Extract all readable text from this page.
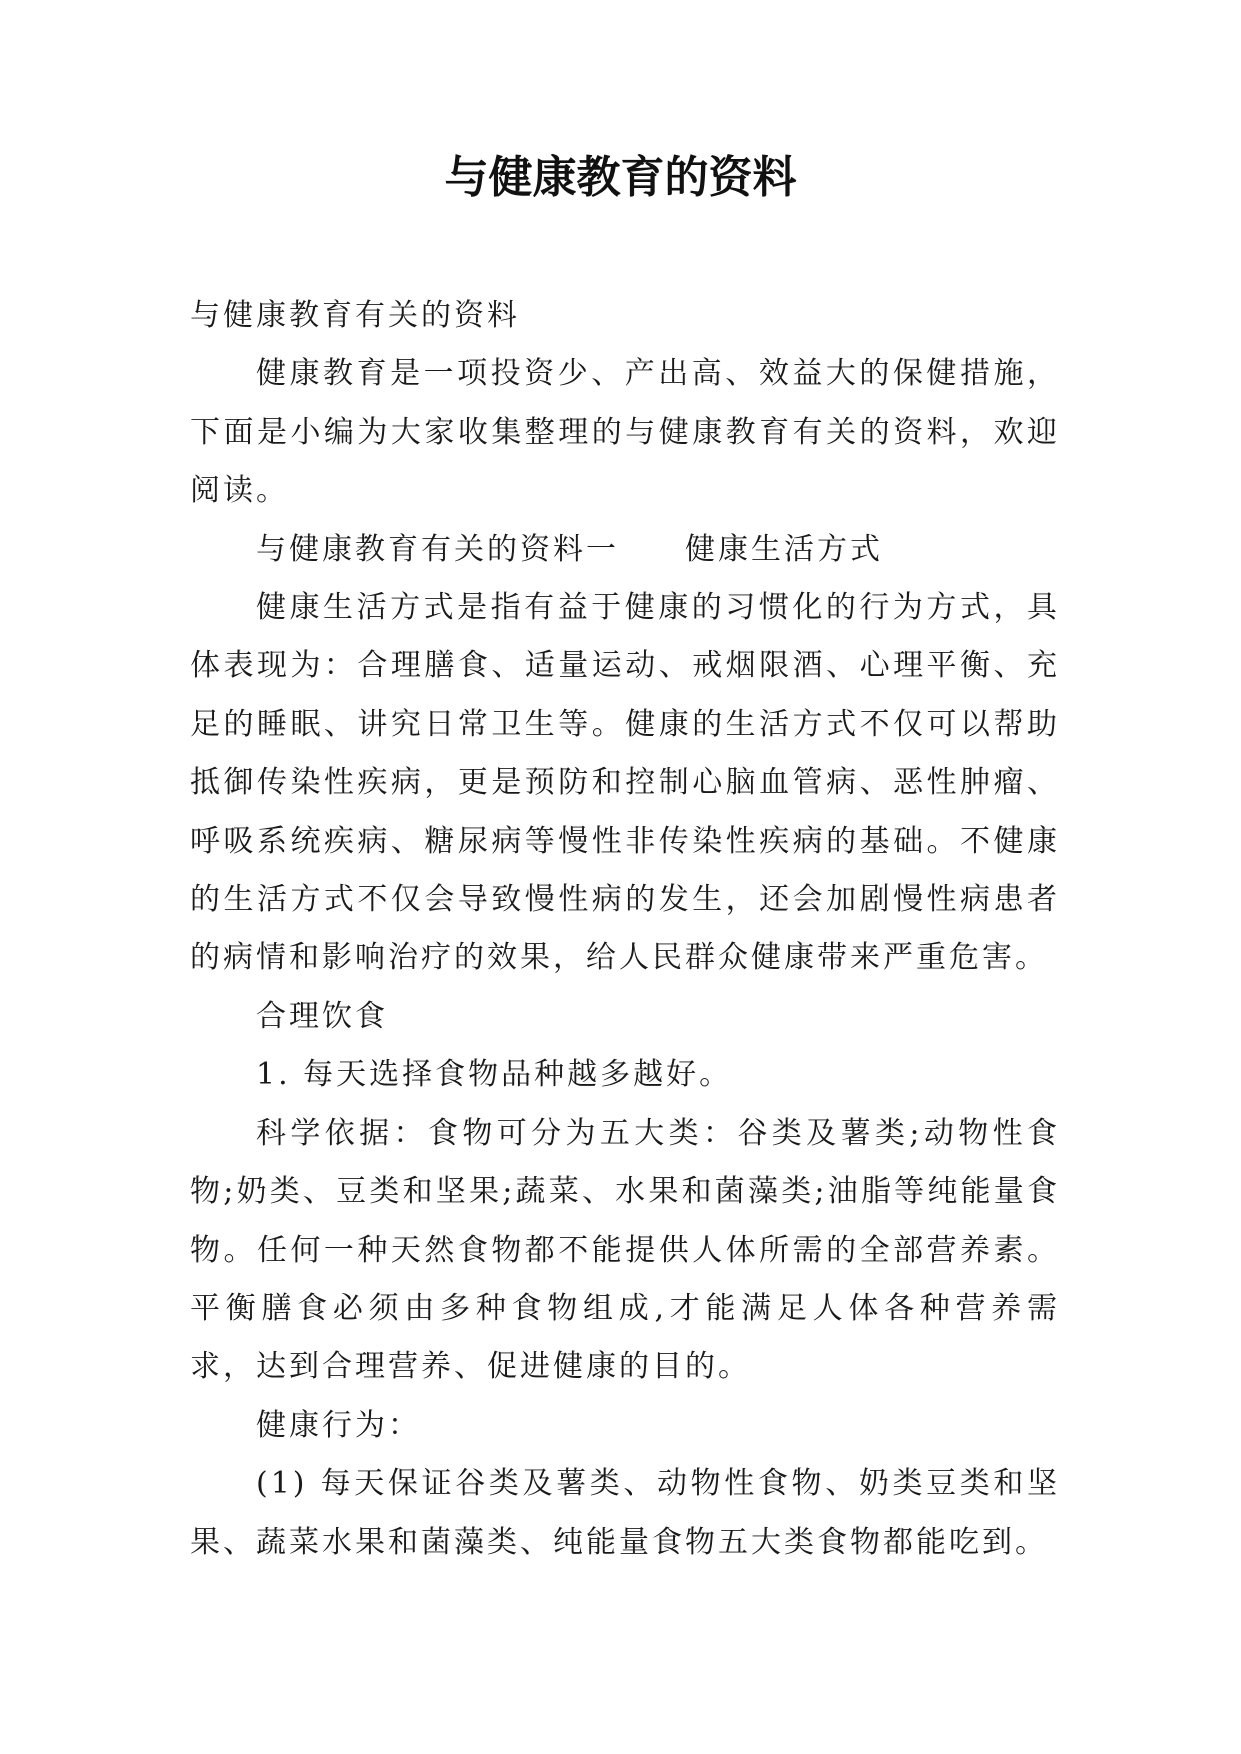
与健康教育的资料

与健康教育有关的资料

健康教育是一项投资少、产出高、效益大的保健措施，下面是小编为大家收集整理的与健康教育有关的资料，欢迎阅读。

与健康教育有关的资料一 健康生活方式

健康生活方式是指有益于健康的习惯化的行为方式，具体表现为：合理膳食、适量运动、戒烟限酒、心理平衡、充足的睡眠、讲究日常卫生等。健康的生活方式不仅可以帮助抵御传染性疾病，更是预防和控制心脑血管病、恶性肿瘤、呼吸系统疾病、糖尿病等慢性非传染性疾病的基础。不健康的生活方式不仅会导致慢性病的发生，还会加剧慢性病患者的病情和影响治疗的效果，给人民群众健康带来严重危害。

合理饮食

1. 每天选择食物品种越多越好。

科学依据：食物可分为五大类：谷类及薯类;动物性食物;奶类、豆类和坚果;蔬菜、水果和菌藻类;油脂等纯能量食物。任何一种天然食物都不能提供人体所需的全部营养素。平衡膳食必须由多种食物组成,才能满足人体各种营养需求，达到合理营养、促进健康的目的。

健康行为：

(1) 每天保证谷类及薯类、动物性食物、奶类豆类和坚果、蔬菜水果和菌藻类、纯能量食物五大类食物都能吃到。
